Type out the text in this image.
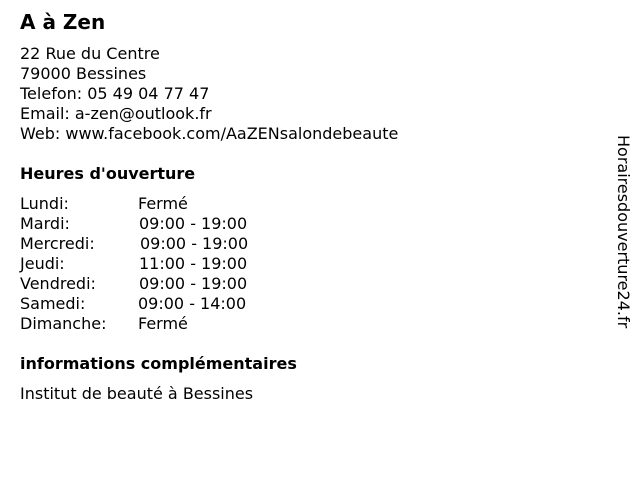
A à Zen
22 Rue du Centre
79000 Bessines
Telefon: 05 49 04 77 47
Email: a-zen@outlook.fr
Web: www.facebook.com/AaZENsalondebeaute
Heures d'ouverture
Lundi:	Fermé
Mardi:	09:00 - 19:00
Mercredi:	09:00 - 19:00
Jeudi:	11:00 - 19:00
Vendredi:	09:00 - 19:00
Samedi:	09:00 - 14:00
Dimanche: Fermé
informations complémentaires
Institut de beauté à Bessines
Horairesdouverture24.fr
